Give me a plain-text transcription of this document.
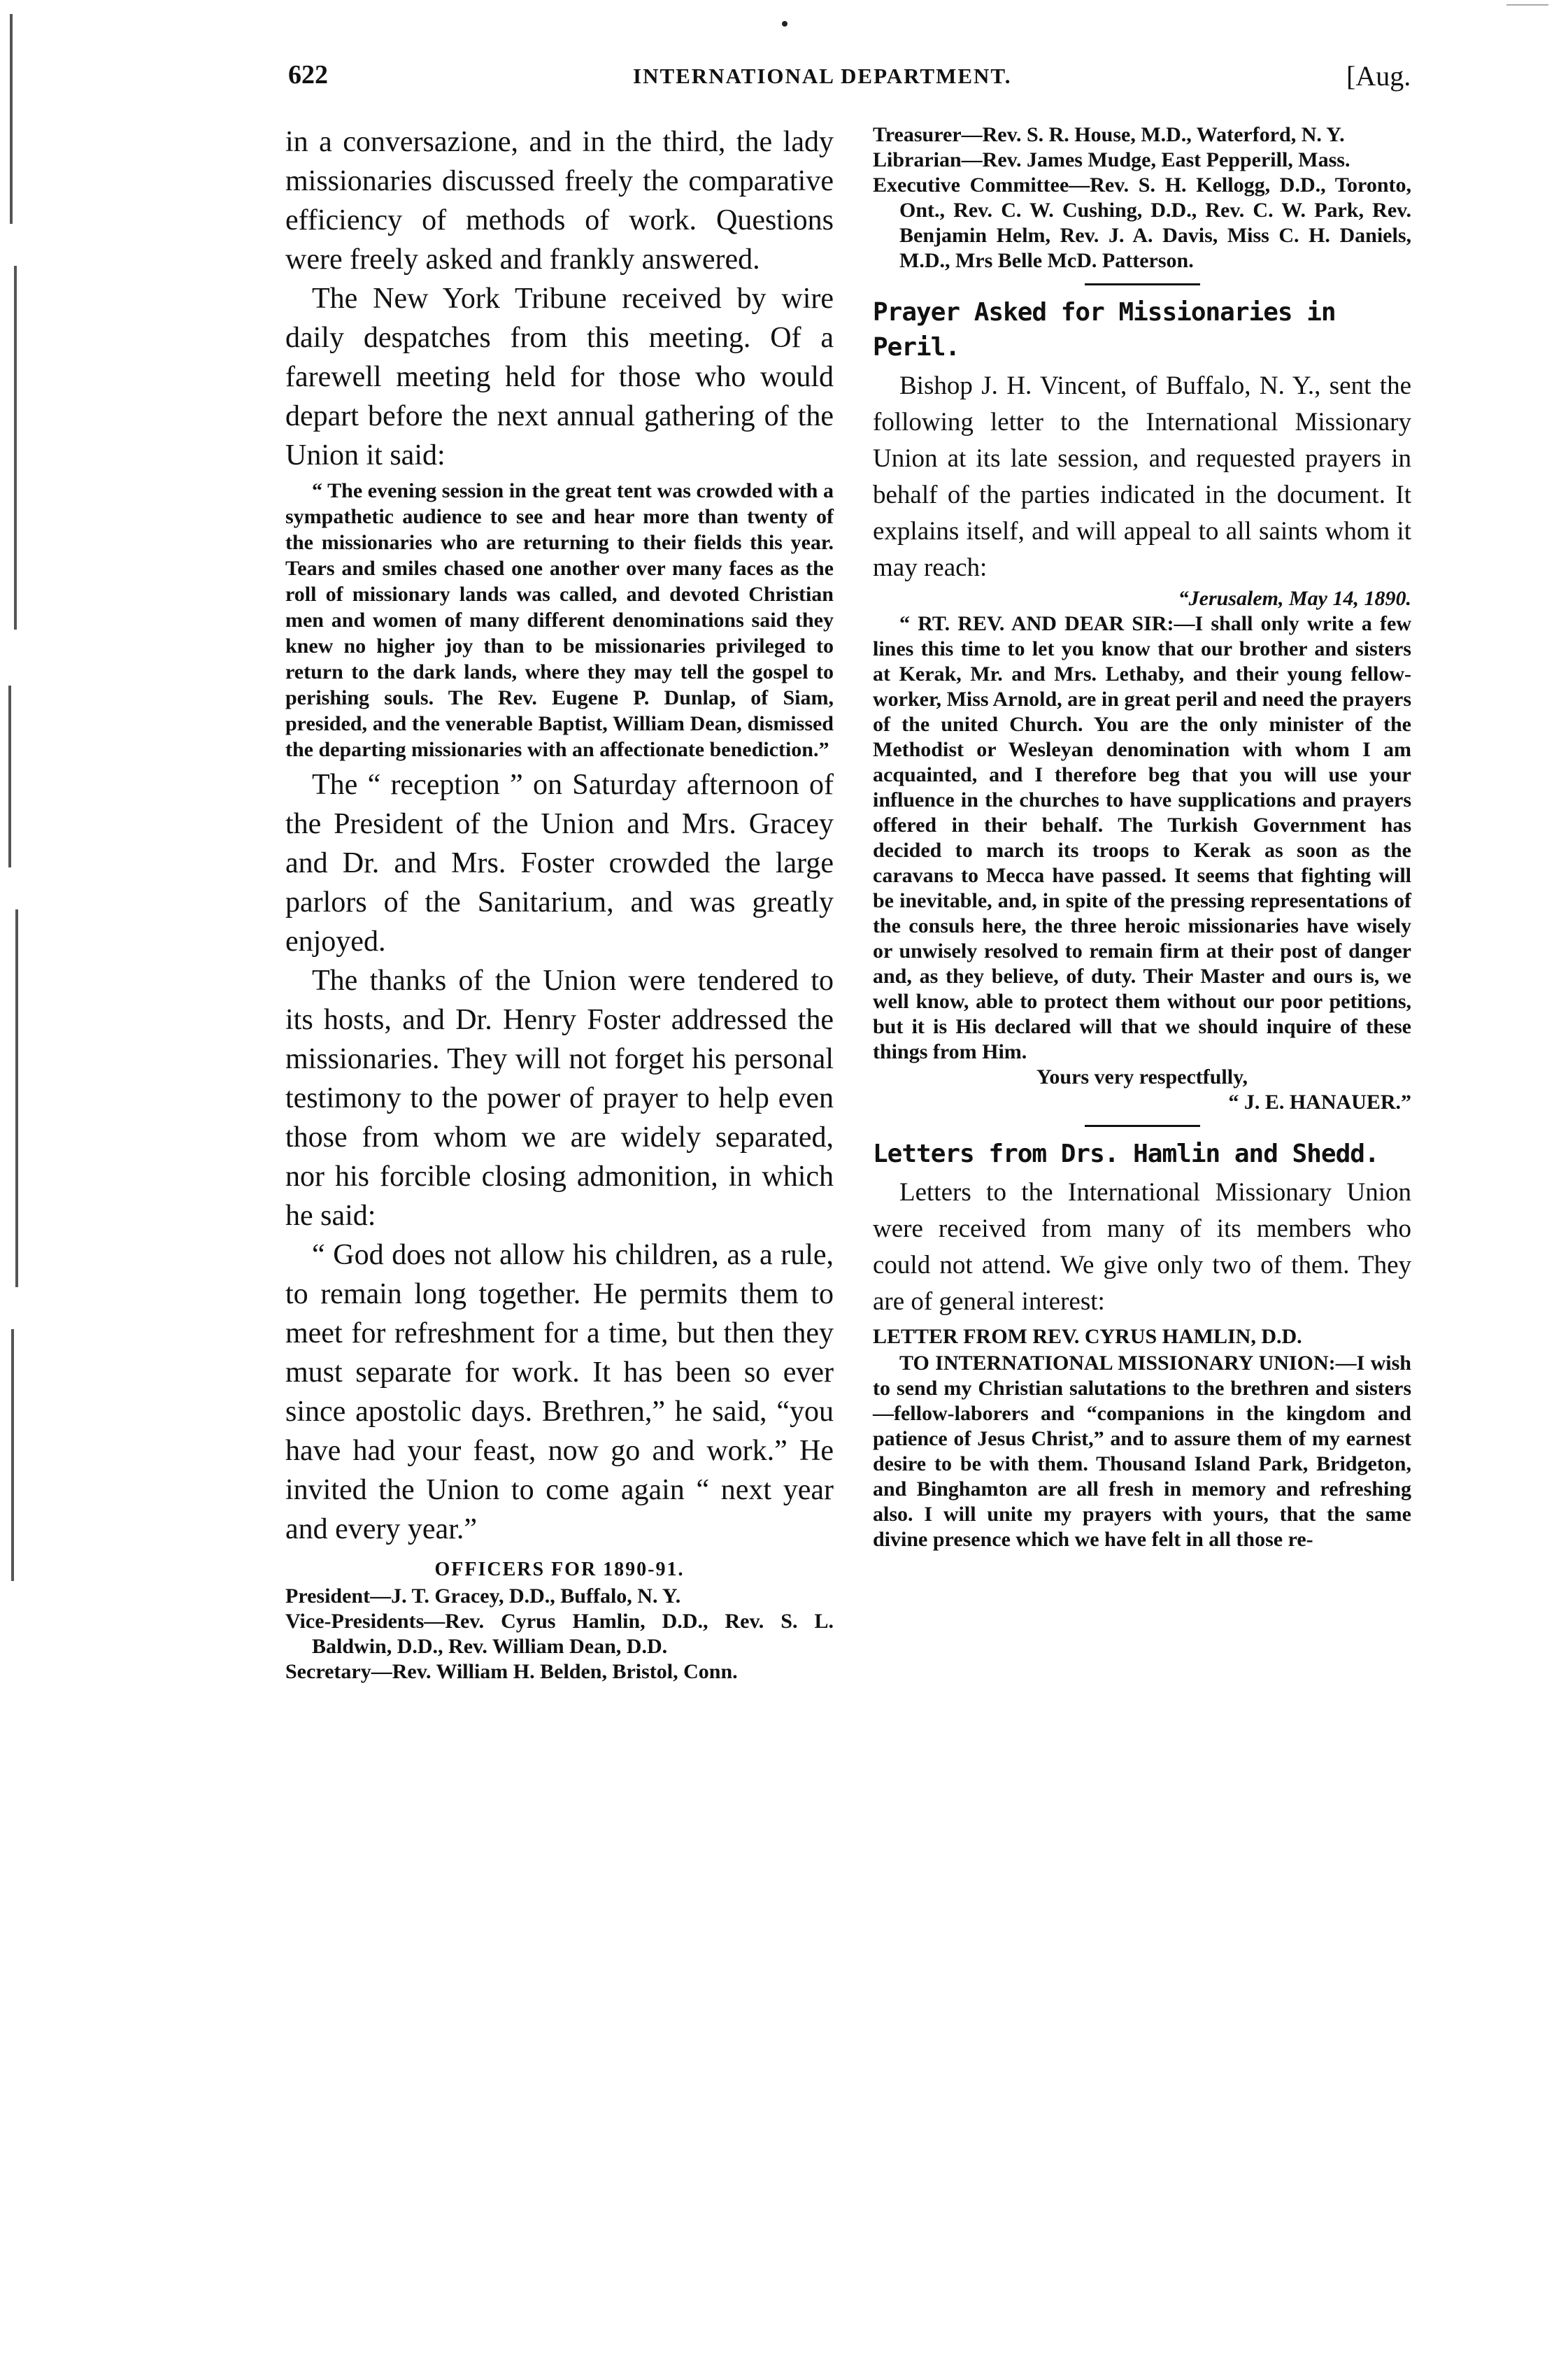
622	INTERNATIONAL DEPARTMENT.	[Aug.

in a conversazione, and in the third, the lady missionaries discussed freely the comparative efficiency of methods of work. Questions were freely asked and frankly answered.

The New York Tribune received by wire daily despatches from this meeting. Of a farewell meeting held for those who would depart before the next annual gathering of the Union it said:

“ The evening session in the great tent was crowded with a sympathetic audience to see and hear more than twenty of the missionaries who are returning to their fields this year. Tears and smiles chased one another over many faces as the roll of missionary lands was called, and devoted Christian men and women of many different denominations said they knew no higher joy than to be missionaries privileged to return to the dark lands, where they may tell the gospel to perishing souls. The Rev. Eugene P. Dunlap, of Siam, presided, and the venerable Baptist, William Dean, dismissed the departing missionaries with an affectionate benediction.”

The “ reception ” on Saturday afternoon of the President of the Union and Mrs. Gracey and Dr. and Mrs. Foster crowded the large parlors of the Sanitarium, and was greatly enjoyed.

The thanks of the Union were tendered to its hosts, and Dr. Henry Foster addressed the missionaries. They will not forget his personal testimony to the power of prayer to help even those from whom we are widely separated, nor his forcible closing admonition, in which he said:

“ God does not allow his children, as a rule, to remain long together. He permits them to meet for refreshment for a time, but then they must separate for work. It has been so ever since apostolic days. Brethren,” he said, “you have had your feast, now go and work.” He invited the Union to come again “ next year and every year.”

OFFICERS FOR 1890-91.

President—J. T. Gracey, D.D., Buffalo, N. Y.

Vice-Presidents—Rev. Cyrus Hamlin, D.D., Rev. S. L. Baldwin, D.D., Rev. William Dean, D.D.

Secretary—Rev. William H. Belden, Bristol, Conn.

Treasurer—Rev. S. R. House, M.D., Waterford, N. Y.

Librarian—Rev. James Mudge, East Pepperill, Mass.

Executive Committee—Rev. S. H. Kellogg, D.D., Toronto, Ont., Rev. C. W. Cushing, D.D., Rev. C. W. Park, Rev. Benjamin Helm, Rev. J. A. Davis, Miss C. H. Daniels, M.D., Mrs Belle McD. Patterson.

Prayer Asked for Missionaries in Peril.

Bishop J. H. Vincent, of Buffalo, N. Y., sent the following letter to the International Missionary Union at its late session, and requested prayers in behalf of the parties indicated in the document. It explains itself, and will appeal to all saints whom it may reach:

“Jerusalem, May 14, 1890.

“ RT. REV. AND DEAR SIR:—I shall only write a few lines this time to let you know that our brother and sisters at Kerak, Mr. and Mrs. Lethaby, and their young fellow-worker, Miss Arnold, are in great peril and need the prayers of the united Church. You are the only minister of the Methodist or Wesleyan denomination with whom I am acquainted, and I therefore beg that you will use your influence in the churches to have supplications and prayers offered in their behalf. The Turkish Government has decided to march its troops to Kerak as soon as the caravans to Mecca have passed. It seems that fighting will be inevitable, and, in spite of the pressing representations of the consuls here, the three heroic missionaries have wisely or unwisely resolved to remain firm at their post of danger and, as they believe, of duty. Their Master and ours is, we well know, able to protect them without our poor petitions, but it is His declared will that we should inquire of these things from Him.

Yours very respectfully,

“ J. E. HANAUER.”

Letters from Drs. Hamlin and Shedd.

Letters to the International Missionary Union were received from many of its members who could not attend. We give only two of them. They are of general interest:

LETTER FROM REV. CYRUS HAMLIN, D.D.

TO INTERNATIONAL MISSIONARY UNION:—I wish to send my Christian salutations to the brethren and sisters—fellow-laborers and “companions in the kingdom and patience of Jesus Christ,” and to assure them of my earnest desire to be with them. Thousand Island Park, Bridgeton, and Binghamton are all fresh in memory and refreshing also. I will unite my prayers with yours, that the same divine presence which we have felt in all those re-
